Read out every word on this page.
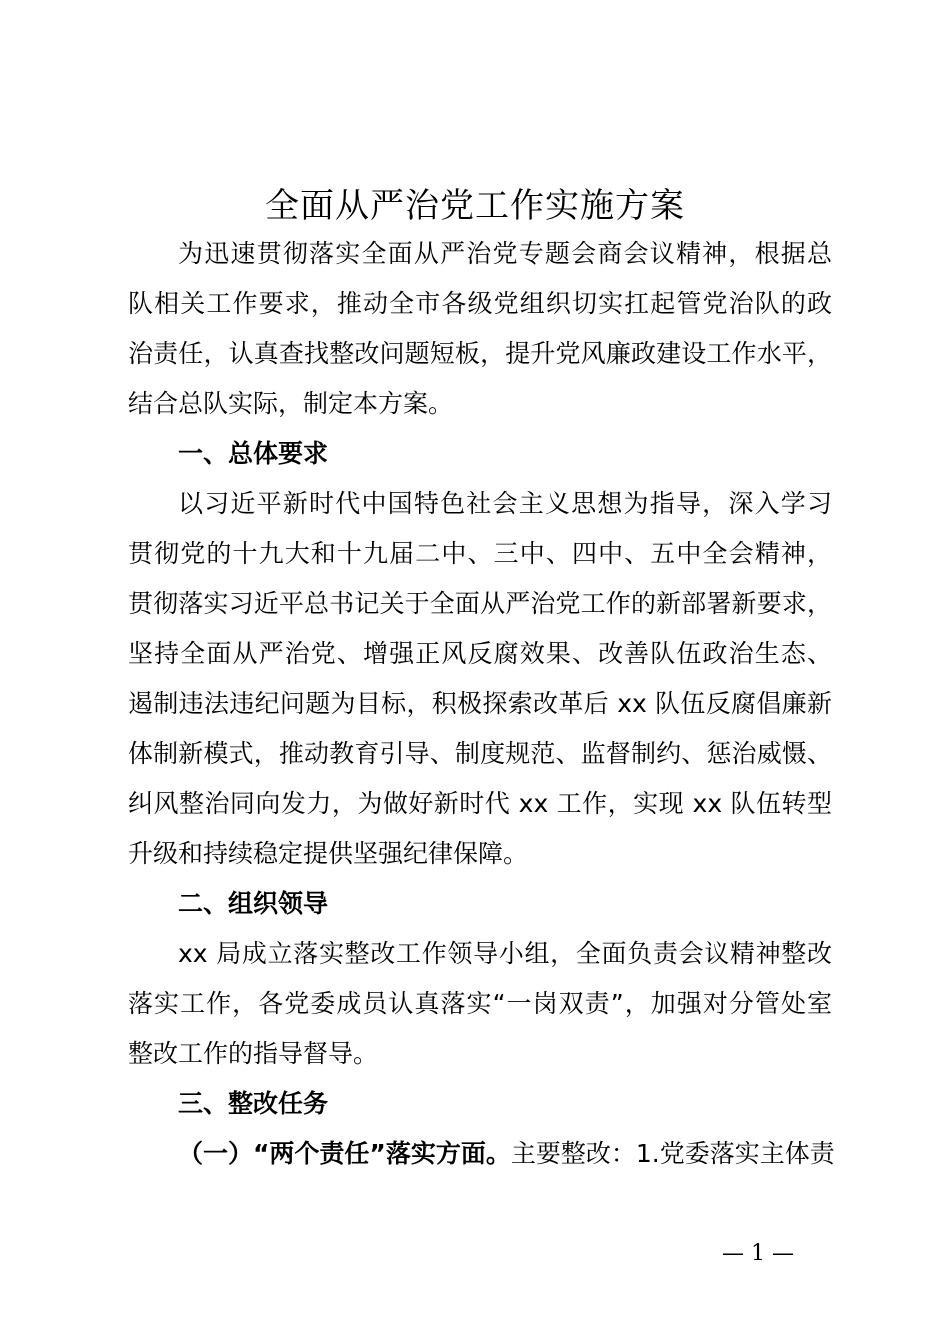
全面从严治党工作实施方案
为迅速贯彻落实全面从严治党专题会商会议精神，根据总
队相关工作要求，推动全市各级党组织切实扛起管党治队的政
治责任，认真查找整改问题短板，提升党风廉政建设工作水平，
结合总队实际，制定本方案。
一、总体要求
以习近平新时代中国特色社会主义思想为指导，深入学习
贯彻党的十九大和十九届二中、三中、四中、五中全会精神，
贯彻落实习近平总书记关于全面从严治党工作的新部署新要求，
坚持全面从严治党、增强正风反腐效果、改善队伍政治生态、
遏制违法违纪问题为目标，积极探索改革后 xx 队伍反腐倡廉新
体制新模式，推动教育引导、制度规范、监督制约、惩治威慑、
纠风整治同向发力，为做好新时代 xx 工作，实现 xx 队伍转型
升级和持续稳定提供坚强纪律保障。
二、组织领导
xx 局成立落实整改工作领导小组，全面负责会议精神整改
落实工作，各党委成员认真落实“一岗双责”，加强对分管处室
整改工作的指导督导。
三、整改任务
（一）“两个责任”落实方面。主要整改：1.党委落实主体责
— 1 —
